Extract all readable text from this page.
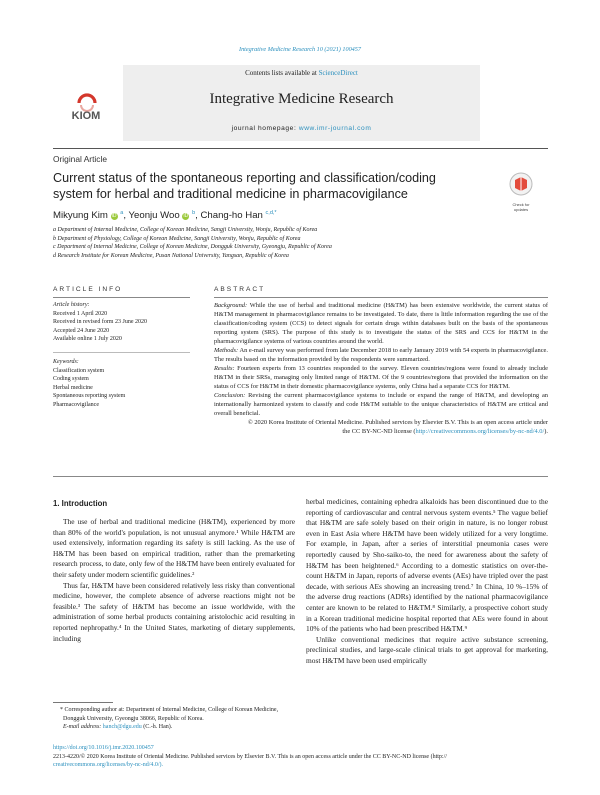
Integrative Medicine Research 10 (2021) 100457
Contents lists available at ScienceDirect
Integrative Medicine Research
journal homepage: www.imr-journal.com
KIOM
Check for updates
Original Article
Current status of the spontaneous reporting and classification/coding
system for herbal and traditional medicine in pharmacovigilance
Mikyung Kim iD $^a$, Yeonju Woo iD $^b$, Chang-ho Han $^{c,d,*}$
a Department of Internal Medicine, College of Korean Medicine, Sangji University, Wonju, Republic of Korea
b Department of Physiology, College of Korean Medicine, Sangji University, Wonju, Republic of Korea
c Department of Internal Medicine, College of Korean Medicine, Dongguk University, Gyeongju, Republic of Korea
d Research Institute for Korean Medicine, Pusan National University, Yangsan, Republic of Korea
ARTICLE INFO
Article history:
Received 1 April 2020
Received in revised form 23 June 2020
Accepted 24 June 2020
Available online 1 July 2020
Keywords:
Classification system
Coding system
Herbal medicine
Spontaneous reporting system
Pharmacovigilance
ABSTRACT

Background: While the use of herbal and traditional medicine (H&TM) has been extensive worldwide, the current status of H&TM management in pharmacovigilance remains to be investigated. To date, there is little information regarding the use of the classification/coding system (CCS) to detect signals for certain drugs within databases built on the basis of the spontaneous reporting system (SRS). The purpose of this study is to investigate the status of the SRS and CCS for H&TM in the pharmacovigilance systems of various countries around the world.

Methods: An e-mail survey was performed from late December 2018 to early January 2019 with 54 experts in pharmacovigilance. The results based on the information provided by the respondents were summarized.

Results: Fourteen experts from 13 countries responded to the survey. Eleven countries/regions were found to already include H&TM in their SRSs, managing only limited range of H&TM. Of the 9 countries/regions that provided the information on the status of CCS for H&TM in their domestic pharmacovigilance systems, only China had a separate CCS for H&TM.

Conclusion: Revising the current pharmacovigilance systems to include or expand the range of H&TM, and developing an internationally harmonized system to classify and code H&TM suitable to the unique characteristics of H&TM are critical and overall beneficial.

© 2020 Korea Institute of Oriental Medicine. Published services by Elsevier B.V. This is an open access article under the CC BY-NC-ND license (http://creativecommons.org/licenses/by-nc-nd/4.0/).

1. Introduction

The use of herbal and traditional medicine (H&TM), experienced by more than 80% of the world's population, is not unusual anymore.¹ While H&TM are used extensively, information regarding its safety is still lacking. As the use of H&TM has been based on empirical tradition, rather than the premarketing research process, to date, only few of the H&TM have been entirely evaluated for their safety under modern scientific guidelines.²

Thus far, H&TM have been considered relatively less risky than conventional medicine, however, the complete absence of adverse reactions might not be feasible.³ The safety of H&TM has become an issue worldwide, with the administration of some herbal products containing aristolochic acid resulting in reported nephropathy.⁴ In the United States, marketing of dietary supplements, including

herbal medicines, containing ephedra alkaloids has been discontinued due to the reporting of cardiovascular and central nervous system events.⁵ The vague belief that H&TM are safe solely based on their origin in nature, is no longer robust even in East Asia where H&TM have been widely utilized for a very longtime. For example, in Japan, after a series of interstitial pneumonia cases were reportedly caused by Sho-saiko-to, the need for awareness about the safety of H&TM has been heightened.⁶ According to a domestic statistics on over-the-count H&TM in Japan, reports of adverse events (AEs) have tripled over the past decade, with serious AEs showing an increasing trend.⁷ In China, 10 %–15% of the adverse drug reactions (ADRs) identified by the national pharmacovigilance center are known to be related to H&TM.⁸ Similarly, a prospective cohort study in a Korean traditional medicine hospital reported that AEs were found in about 10% of the patients who had been prescribed H&TM.⁹

Unlike conventional medicines that require active substance screening, preclinical studies, and large-scale clinical trials to get approval for marketing, most H&TM have been used empirically

* Corresponding author at: Department of Internal Medicine, College of Korean Medicine, Dongguk University, Gyeongju 38066, Republic of Korea.
E-mail address: hanch@dgu.edu (C.-h. Han).
https://doi.org/10.1016/j.imr.2020.100457
2213-4220/© 2020 Korea Institute of Oriental Medicine. Published services by Elsevier B.V. This is an open access article under the CC BY-NC-ND license (http://
creativecommons.org/licenses/by-nc-nd/4.0/).
